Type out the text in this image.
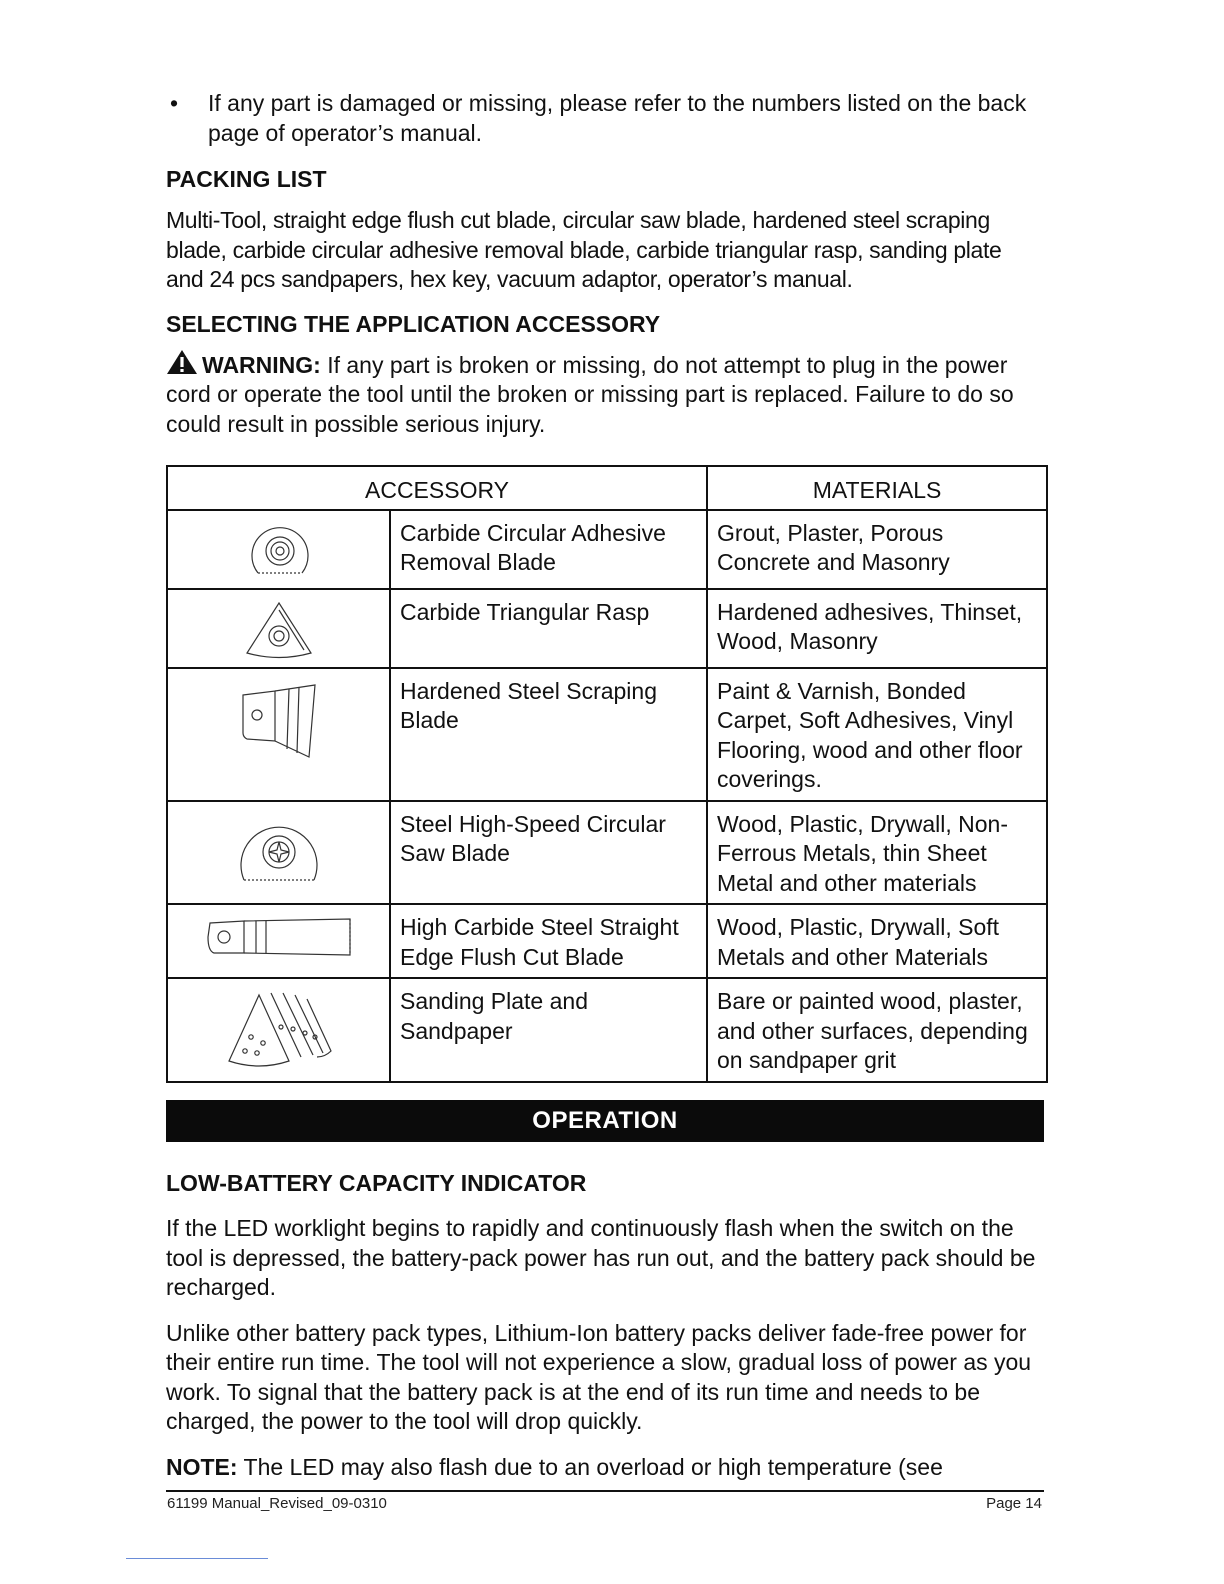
• If any part is damaged or missing, please refer to the numbers listed on the back page of operator’s manual.
PACKING LIST

Multi-Tool, straight edge flush cut blade, circular saw blade, hardened steel scraping blade, carbide circular adhesive removal blade, carbide triangular rasp, sanding plate and 24 pcs sandpapers, hex key, vacuum adaptor, operator’s manual.

SELECTING THE APPLICATION ACCESSORY

WARNING: If any part is broken or missing, do not attempt to plug in the power cord or operate the tool until the broken or missing part is replaced. Failure to do so could result in possible serious injury.

ACCESSORY		MATERIALS

	Carbide Circular Adhesive Removal Blade	Grout, Plaster, Porous Concrete and Masonry

	Carbide Triangular Rasp	Hardened adhesives, Thinset, Wood, Masonry

	Hardened Steel Scraping Blade	Paint & Varnish, Bonded Carpet, Soft Adhesives, Vinyl Flooring, wood and other floor coverings.

	Steel High-Speed Circular Saw Blade	Wood, Plastic, Drywall, Non-Ferrous Metals, thin Sheet Metal and other materials

	High Carbide Steel Straight Edge Flush Cut Blade	Wood, Plastic, Drywall, Soft Metals and other Materials

	Sanding Plate and Sandpaper	Bare or painted wood, plaster, and other surfaces, depending on sandpaper grit
OPERATION
LOW-BATTERY CAPACITY INDICATOR

If the LED worklight begins to rapidly and continuously flash when the switch on the tool is depressed, the battery-pack power has run out, and the battery pack should be recharged.

Unlike other battery pack types, Lithium-Ion battery packs deliver fade-free power for their entire run time. The tool will not experience a slow, gradual loss of power as you work. To signal that the battery pack is at the end of its run time and needs to be charged, the power to the tool will drop quickly.

NOTE: The LED may also flash due to an overload or high temperature (see

61199 Manual_Revised_09-0310	Page 14
